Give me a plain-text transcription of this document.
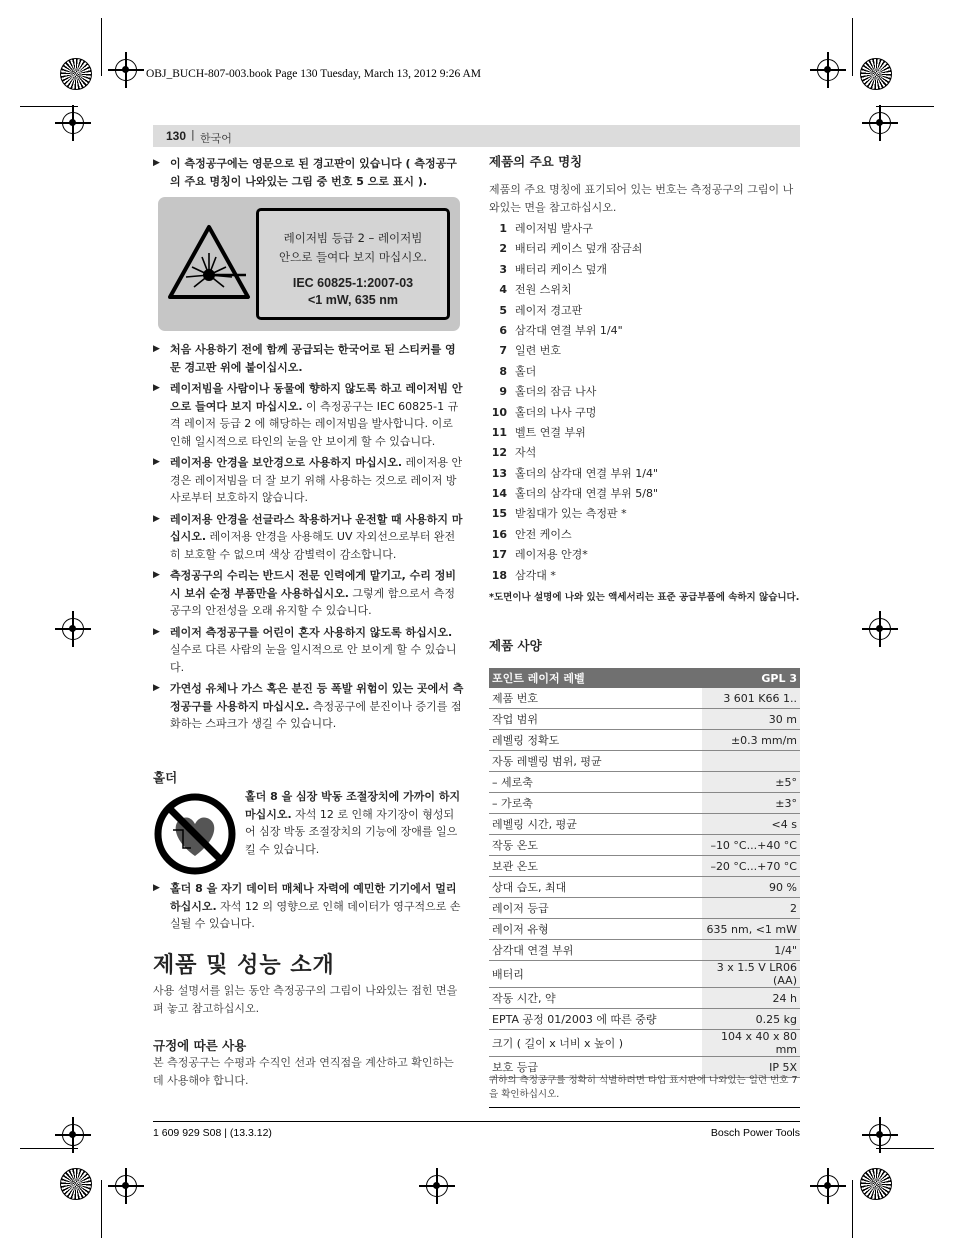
OBJ_BUCH-807-003.book Page 130 Tuesday, March 13, 2012 9:26 AM
130 | 한국어
▶ 이 측정공구에는 영문으로 된 경고판이 있습니다 ( 측정공구의 주요 명칭이 나와있는 그림 중 번호 5 으로 표시 ).
레이저빔 등급 2 – 레이저빔
안으로 들여다 보지 마십시오.
IEC 60825-1:2007-03
<1 mW, 635 nm
▶ 처음 사용하기 전에 함께 공급되는 한국어로 된 스티커를 영문 경고판 위에 붙이십시오.
▶ 레이저빔을 사람이나 동물에 향하지 않도록 하고 레이저빔 안으로 들여다 보지 마십시오. 이 측정공구는 IEC 60825-1 규격 레이저 등급 2 에 해당하는 레이저빔을 발사합니다. 이로 인해 일시적으로 타인의 눈을 안 보이게 할 수 있습니다.
▶ 레이저용 안경을 보안경으로 사용하지 마십시오. 레이저용 안경은 레이저빔을 더 잘 보기 위해 사용하는 것으로 레이저 방사로부터 보호하지 않습니다.
▶ 레이저용 안경을 선글라스 착용하거나 운전할 때 사용하지 마십시오. 레이저용 안경을 사용해도 UV 자외선으로부터 완전히 보호할 수 없으며 색상 감별력이 감소합니다.
▶ 측정공구의 수리는 반드시 전문 인력에게 맡기고, 수리 정비 시 보쉬 순정 부품만을 사용하십시오. 그렇게 함으로서 측정공구의 안전성을 오래 유지할 수 있습니다.
▶ 레이저 측정공구를 어린이 혼자 사용하지 않도록 하십시오. 실수로 다른 사람의 눈을 일시적으로 안 보이게 할 수 있습니다.
▶ 가연성 유체나 가스 혹은 분진 등 폭발 위험이 있는 곳에서 측정공구를 사용하지 마십시오. 측정공구에 분진이나 증기를 점화하는 스파크가 생길 수 있습니다.
홀더
홀더 8 을 심장 박동 조절장치에 가까이 하지 마십시오. 자석 12 로 인해 자기장이 형성되어 심장 박동 조절장치의 기능에 장애를 일으킬 수 있습니다.
▶ 홀더 8 을 자기 데이터 매체나 자력에 예민한 기기에서 멀리 하십시오. 자석 12 의 영향으로 인해 데이터가 영구적으로 손실될 수 있습니다.
제품 및 성능 소개
사용 설명서를 읽는 동안 측정공구의 그림이 나와있는 접힌 면을 펴 놓고 참고하십시오.
규정에 따른 사용
본 측정공구는 수평과 수직인 선과 연직점을 계산하고 확인하는데 사용해야 합니다.
제품의 주요 명칭
제품의 주요 명칭에 표기되어 있는 번호는 측정공구의 그림이 나와있는 면을 참고하십시오.
1 레이저빔 발사구
2 배터리 케이스 덮개 잠금쇠
3 배터리 케이스 덮개
4 전원 스위치
5 레이저 경고판
6 삼각대 연결 부위 1/4"
7 일련 번호
8 홀더
9 홀더의 잠금 나사
10 홀더의 나사 구멍
11 벨트 연결 부위
12 자석
13 홀더의 삼각대 연결 부위 1/4"
14 홀더의 삼각대 연결 부위 5/8"
15 받침대가 있는 측정판 *
16 안전 케이스
17 레이저용 안경*
18 삼각대 *
*도면이나 설명에 나와 있는 액세서리는 표준 공급부품에 속하지 않습니다.
제품 사양
포인트 레이저 레벨	GPL 3
제품 번호	3 601 K66 1..
작업 범위	30 m
레벨링 정확도	±0.3 mm/m
자동 레벨링 범위, 평균	
– 세로축	±5°
– 가로축	±3°
레벨링 시간, 평균	<4 s
작동 온도	–10 °C...+40 °C
보관 온도	–20 °C...+70 °C
상대 습도, 최대	90 %
레이저 등급	2
레이저 유형	635 nm, <1 mW
삼각대 연결 부위	1/4"
배터리	3 x 1.5 V LR06 (AA)
작동 시간, 약	24 h
EPTA 공정 01/2003 에 따른 중량	0.25 kg
크기 ( 길이 x 너비 x 높이 )	104 x 40 x 80 mm
보호 등급	IP 5X
귀하의 측정공구를 정확히 식별하려면 타입 표시판에 나와있는 일련 번호 7 을 확인하십시오.
1 609 929 S08 | (13.3.12)	Bosch Power Tools
